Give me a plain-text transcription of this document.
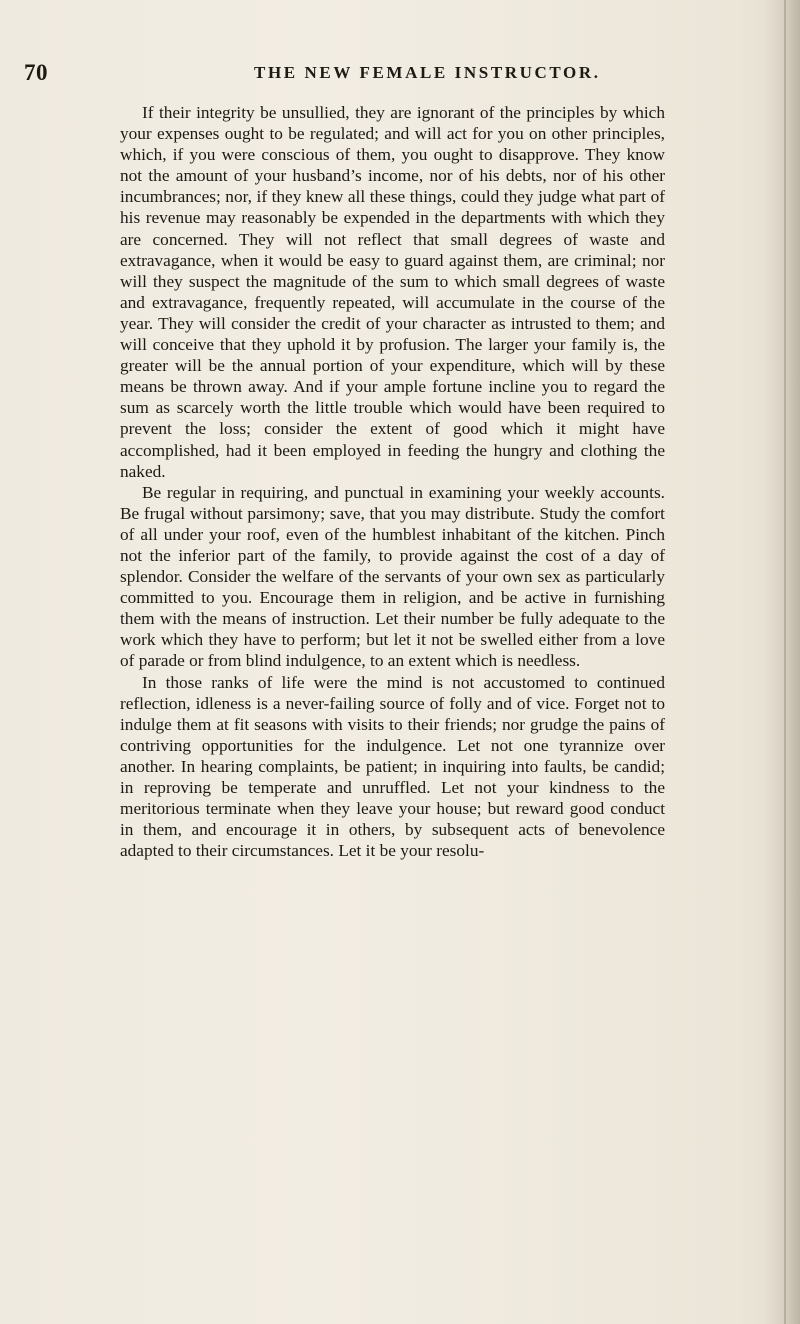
70	THE NEW FEMALE INSTRUCTOR.

If their integrity be unsullied, they are ignorant of the principles by which your expenses ought to be regulated; and will act for you on other principles, which, if you were conscious of them, you ought to disapprove. They know not the amount of your husband’s income, nor of his debts, nor of his other incumbrances; nor, if they knew all these things, could they judge what part of his revenue may reasonably be expended in the departments with which they are concerned. They will not reflect that small degrees of waste and extravagance, when it would be easy to guard against them, are criminal; nor will they suspect the magnitude of the sum to which small degrees of waste and extravagance, frequently repeated, will accumulate in the course of the year. They will consider the credit of your character as intrusted to them; and will conceive that they uphold it by profusion. The larger your family is, the greater will be the annual portion of your expenditure, which will by these means be thrown away. And if your ample fortune incline you to regard the sum as scarcely worth the little trouble which would have been required to prevent the loss; consider the extent of good which it might have accomplished, had it been employed in feeding the hungry and clothing the naked.

Be regular in requiring, and punctual in examining your weekly accounts. Be frugal without parsimony; save, that you may distribute. Study the comfort of all under your roof, even of the humblest inhabitant of the kitchen. Pinch not the inferior part of the family, to provide against the cost of a day of splendor. Consider the welfare of the servants of your own sex as particularly committed to you. Encourage them in religion, and be active in furnishing them with the means of instruction. Let their number be fully adequate to the work which they have to perform; but let it not be swelled either from a love of parade or from blind indulgence, to an extent which is needless.

In those ranks of life were the mind is not accustomed to continued reflection, idleness is a never-failing source of folly and of vice. Forget not to indulge them at fit seasons with visits to their friends; nor grudge the pains of contriving opportunities for the indulgence. Let not one tyrannize over another. In hearing complaints, be patient; in inquiring into faults, be candid; in reproving be temperate and unruffled. Let not your kindness to the meritorious terminate when they leave your house; but reward good conduct in them, and encourage it in others, by subsequent acts of benevolence adapted to their circumstances. Let it be your resolu-
